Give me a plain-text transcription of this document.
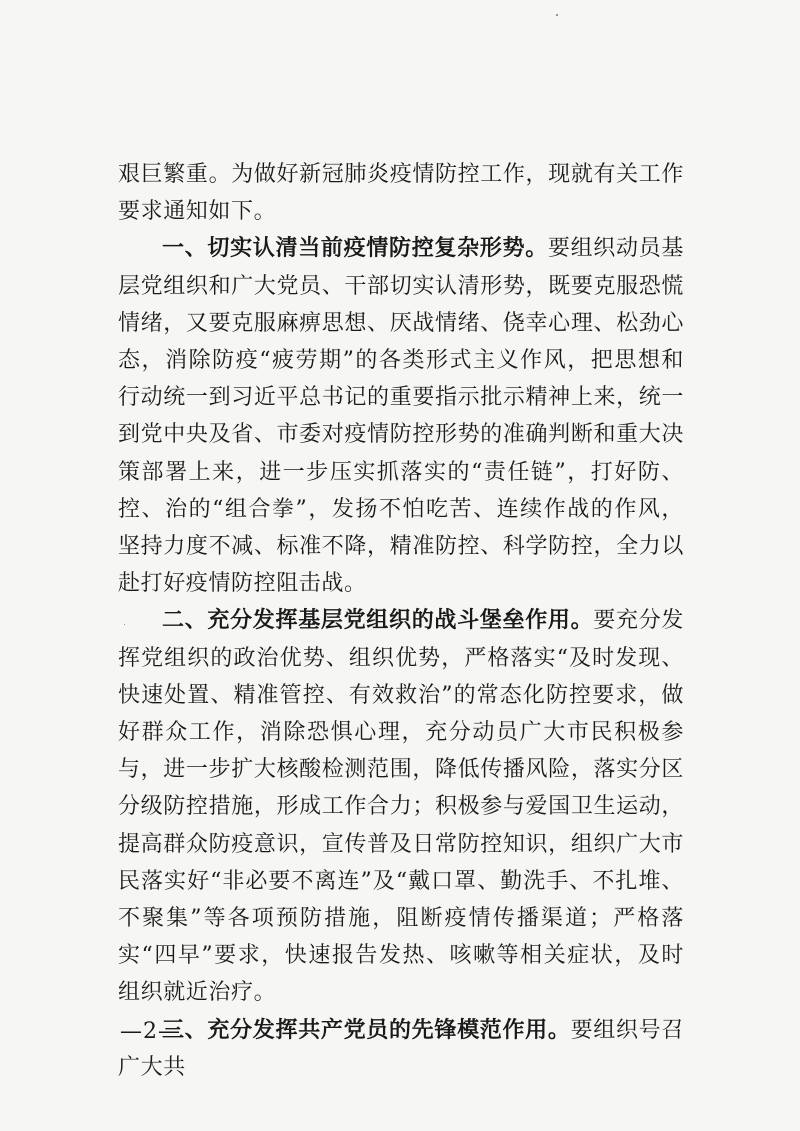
艰巨繁重。为做好新冠肺炎疫情防控工作，现就有关工作要求通知如下。

一、切实认清当前疫情防控复杂形势。要组织动员基层党组织和广大党员、干部切实认清形势，既要克服恐慌情绪，又要克服麻痹思想、厌战情绪、侥幸心理、松劲心态，消除防疫“疲劳期”的各类形式主义作风，把思想和行动统一到习近平总书记的重要指示批示精神上来，统一到党中央及省、市委对疫情防控形势的准确判断和重大决策部署上来，进一步压实抓落实的“责任链”，打好防、控、治的“组合拳”，发扬不怕吃苦、连续作战的作风，坚持力度不减、标准不降，精准防控、科学防控，全力以赴打好疫情防控阻击战。

二、充分发挥基层党组织的战斗堡垒作用。要充分发挥党组织的政治优势、组织优势，严格落实“及时发现、快速处置、精准管控、有效救治”的常态化防控要求，做好群众工作，消除恐惧心理，充分动员广大市民积极参与，进一步扩大核酸检测范围，降低传播风险，落实分区分级防控措施，形成工作合力；积极参与爱国卫生运动，提高群众防疫意识，宣传普及日常防控知识，组织广大市民落实好“非必要不离连”及“戴口罩、勤洗手、不扎堆、不聚集”等各项预防措施，阻断疫情传播渠道；严格落实“四早”要求，快速报告发热、咳嗽等相关症状，及时组织就近治疗。

三、充分发挥共产党员的先锋模范作用。要组织号召广大共

—2—
